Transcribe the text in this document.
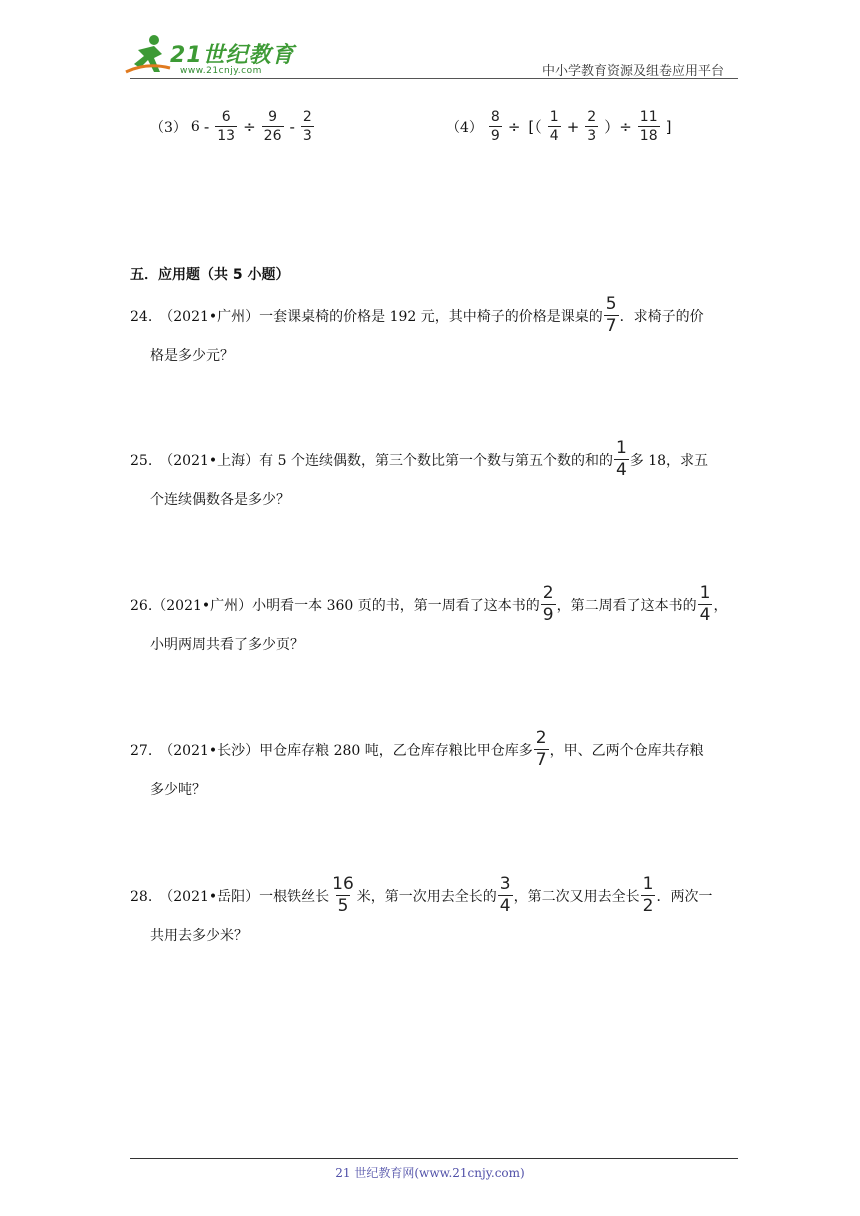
21世纪教育
www.21cnjy.com	中小学教育资源及组卷应用平台
（3） $6 - \frac{6}{13} \div \frac{9}{26} - \frac{2}{3}$	$(4) \frac{8}{9}$ ÷ [（ $\frac{1}{4} + \frac{2}{3}$ ）÷ $\frac{11}{18}$ ]
五．应用题（共 5 小题）
24.　（2021•广州）一套课桌椅的价格是 192 元，其中椅子的价格是课桌的 $\frac{5}{7}$ ．求椅子的价
格是多少元？
25.　（2021•上海）有 5 个连续偶数，第三个数比第一个数与第五个数的和的 $\frac{1}{4}$ 多 18，求五
个连续偶数各是多少？
26.（2021•广州）小明看一本 360 页的书，第一周看了这本书的 $\frac{2}{9}$ ，第二周看了这本书的 $\frac{1}{4}$ ，
小明两周共看了多少页？
27.　（2021•长沙）甲仓库存粮 280 吨，乙仓库存粮比甲仓库多 $\frac{2}{7}$ ，甲、乙两个仓库共存粮
多少吨？
28.　（2021•岳阳）一根铁丝长 $\frac{16}{5}$ 米，第一次用去全长的 $\frac{3}{4}$ ，第二次又用去全长 $\frac{1}{2}$ ．两次一
共用去多少米？
21 世纪教育网(www.21cnjy.com)
